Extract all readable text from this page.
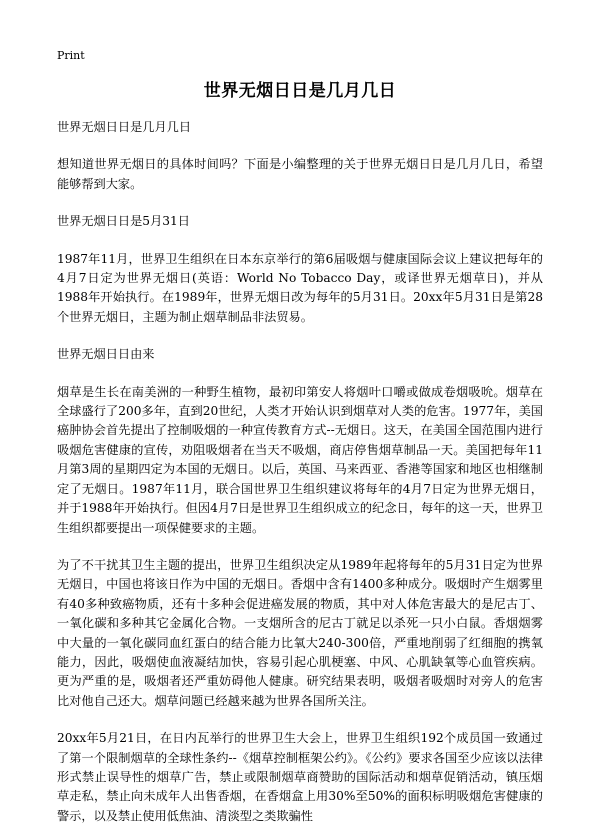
Print
世界无烟日日是几月几日

世界无烟日日是几月几日

想知道世界无烟日的具体时间吗？下面是小编整理的关于世界无烟日日是几月几日，希望能够帮到大家。

世界无烟日日是5月31日

1987年11月，世界卫生组织在日本东京举行的第6届吸烟与健康国际会议上建议把每年的4月7日定为世界无烟日(英语：World No Tobacco Day，或译世界无烟草日)，并从1988年开始执行。在1989年，世界无烟日改为每年的5月31日。20xx年5月31日是第28个世界无烟日，主题为制止烟草制品非法贸易。

世界无烟日日由来

烟草是生长在南美洲的一种野生植物，最初印第安人将烟叶口嚼或做成卷烟吸吮。烟草在全球盛行了200多年，直到20世纪，人类才开始认识到烟草对人类的危害。1977年，美国癌肿协会首先提出了控制吸烟的一种宣传教育方式--无烟日。这天，在美国全国范围内进行吸烟危害健康的宣传，劝阻吸烟者在当天不吸烟，商店停售烟草制品一天。美国把每年11月第3周的星期四定为本国的无烟日。以后，英国、马来西亚、香港等国家和地区也相继制定了无烟日。1987年11月，联合国世界卫生组织建议将每年的4月7日定为世界无烟日，并于1988年开始执行。但因4月7日是世界卫生组织成立的纪念日，每年的这一天，世界卫生组织都要提出一项保健要求的主题。

为了不干扰其卫生主题的提出，世界卫生组织决定从1989年起将每年的5月31日定为世界无烟日，中国也将该日作为中国的无烟日。香烟中含有1400多种成分。吸烟时产生烟雾里有40多种致癌物质，还有十多种会促进癌发展的物质，其中对人体危害最大的是尼古丁、一氧化碳和多种其它金属化合物。一支烟所含的尼古丁就足以杀死一只小白鼠。香烟烟雾中大量的一氧化碳同血红蛋白的结合能力比氧大240-300倍，严重地削弱了红细胞的携氧能力，因此，吸烟使血液凝结加快，容易引起心肌梗塞、中风、心肌缺氧等心血管疾病。更为严重的是，吸烟者还严重妨碍他人健康。研究结果表明，吸烟者吸烟时对旁人的危害比对他自己还大。烟草问题已经越来越为世界各国所关注。

20xx年5月21日，在日内瓦举行的世界卫生大会上，世界卫生组织192个成员国一致通过了第一个限制烟草的全球性条约--《烟草控制框架公约》。《公约》要求各国至少应该以法律形式禁止误导性的烟草广告，禁止或限制烟草商赞助的国际活动和烟草促销活动，镇压烟草走私，禁止向未成年人出售香烟，在香烟盒上用30%至50%的面积标明吸烟危害健康的警示，以及禁止使用低焦油、清淡型之类欺骗性
